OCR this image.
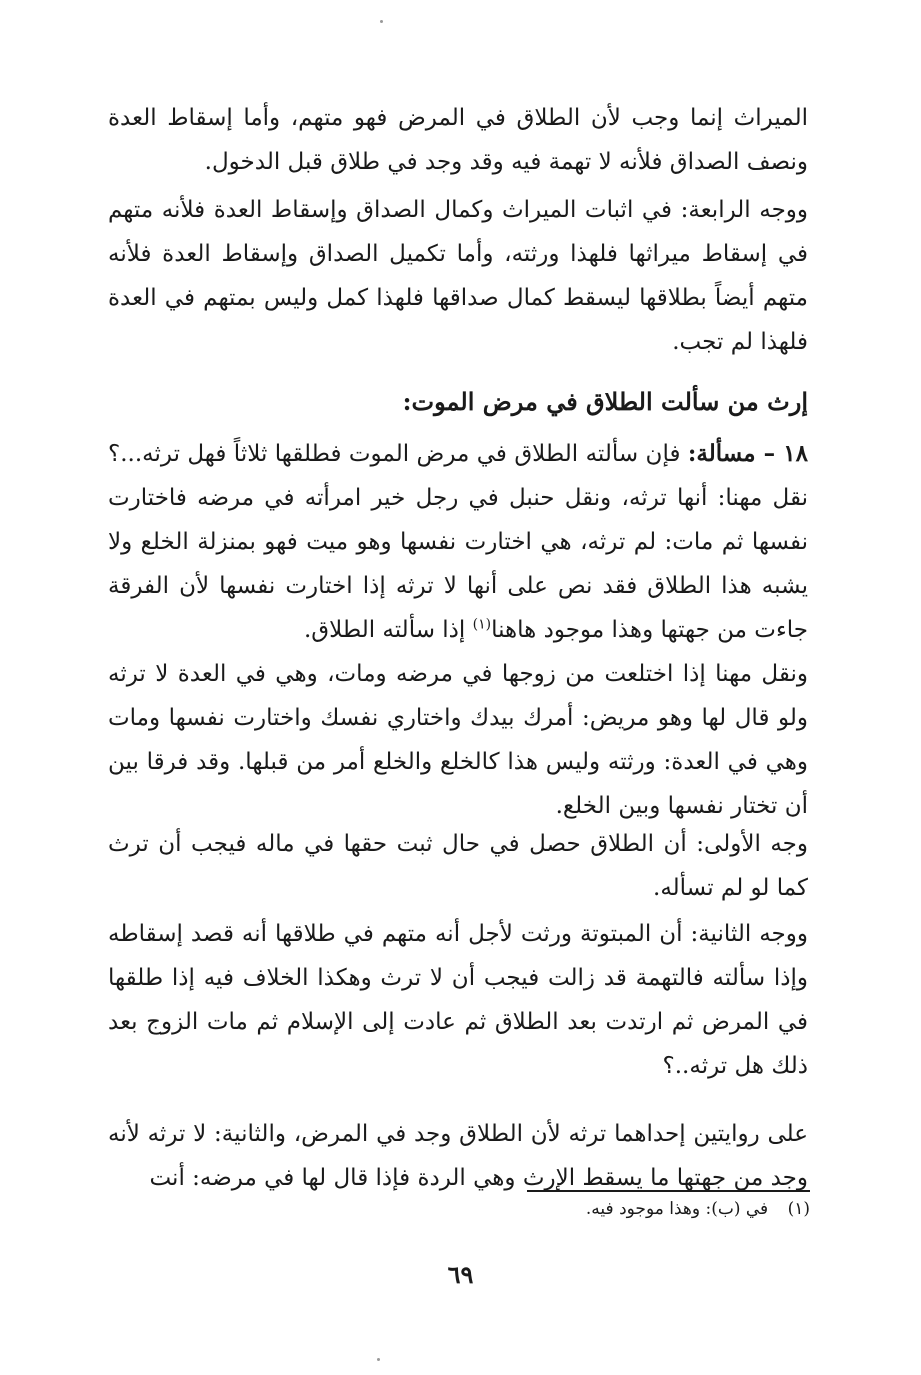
الميراث إنما وجب لأن الطلاق في المرض فهو متهم، وأما إسقاط العدة ونصف الصداق فلأنه لا تهمة فيه وقد وجد في طلاق قبل الدخول.

ووجه الرابعة: في اثبات الميراث وكمال الصداق وإسقاط العدة فلأنه متهم في إسقاط ميراثها فلهذا ورثته، وأما تكميل الصداق وإسقاط العدة فلأنه متهم أيضاً بطلاقها ليسقط كمال صداقها فلهذا كمل وليس بمتهم في العدة فلهذا لم تجب.

إرث من سألت الطلاق في مرض الموت:

١٨ – مسألة: فإن سألته الطلاق في مرض الموت فطلقها ثلاثاً فهل ترثه...؟ نقل مهنا: أنها ترثه، ونقل حنبل في رجل خير امرأته في مرضه فاختارت نفسها ثم مات: لم ترثه، هي اختارت نفسها وهو ميت فهو بمنزلة الخلع ولا يشبه هذا الطلاق فقد نص على أنها لا ترثه إذا اختارت نفسها لأن الفرقة جاءت من جهتها وهذا موجود هاهنا$^{(١)}$ إذا سألته الطلاق.

ونقل مهنا إذا اختلعت من زوجها في مرضه ومات، وهي في العدة لا ترثه ولو قال لها وهو مريض: أمرك بيدك واختاري نفسك واختارت نفسها ومات وهي في العدة: ورثته وليس هذا كالخلع والخلع أمر من قبلها. وقد فرقا بين أن تختار نفسها وبين الخلع.

وجه الأولى: أن الطلاق حصل في حال ثبت حقها في ماله فيجب أن ترث كما لو لم تسأله.

ووجه الثانية: أن المبتوتة ورثت لأجل أنه متهم في طلاقها أنه قصد إسقاطه وإذا سألته فالتهمة قد زالت فيجب أن لا ترث وهكذا الخلاف فيه إذا طلقها في المرض ثم ارتدت بعد الطلاق ثم عادت إلى الإسلام ثم مات الزوج بعد ذلك هل ترثه..؟

على روايتين إحداهما ترثه لأن الطلاق وجد في المرض، والثانية: لا ترثه لأنه وجد من جهتها ما يسقط الإرث وهي الردة فإذا قال لها في مرضه: أنت

(١) في (ب): وهذا موجود فيه.
٦٩
